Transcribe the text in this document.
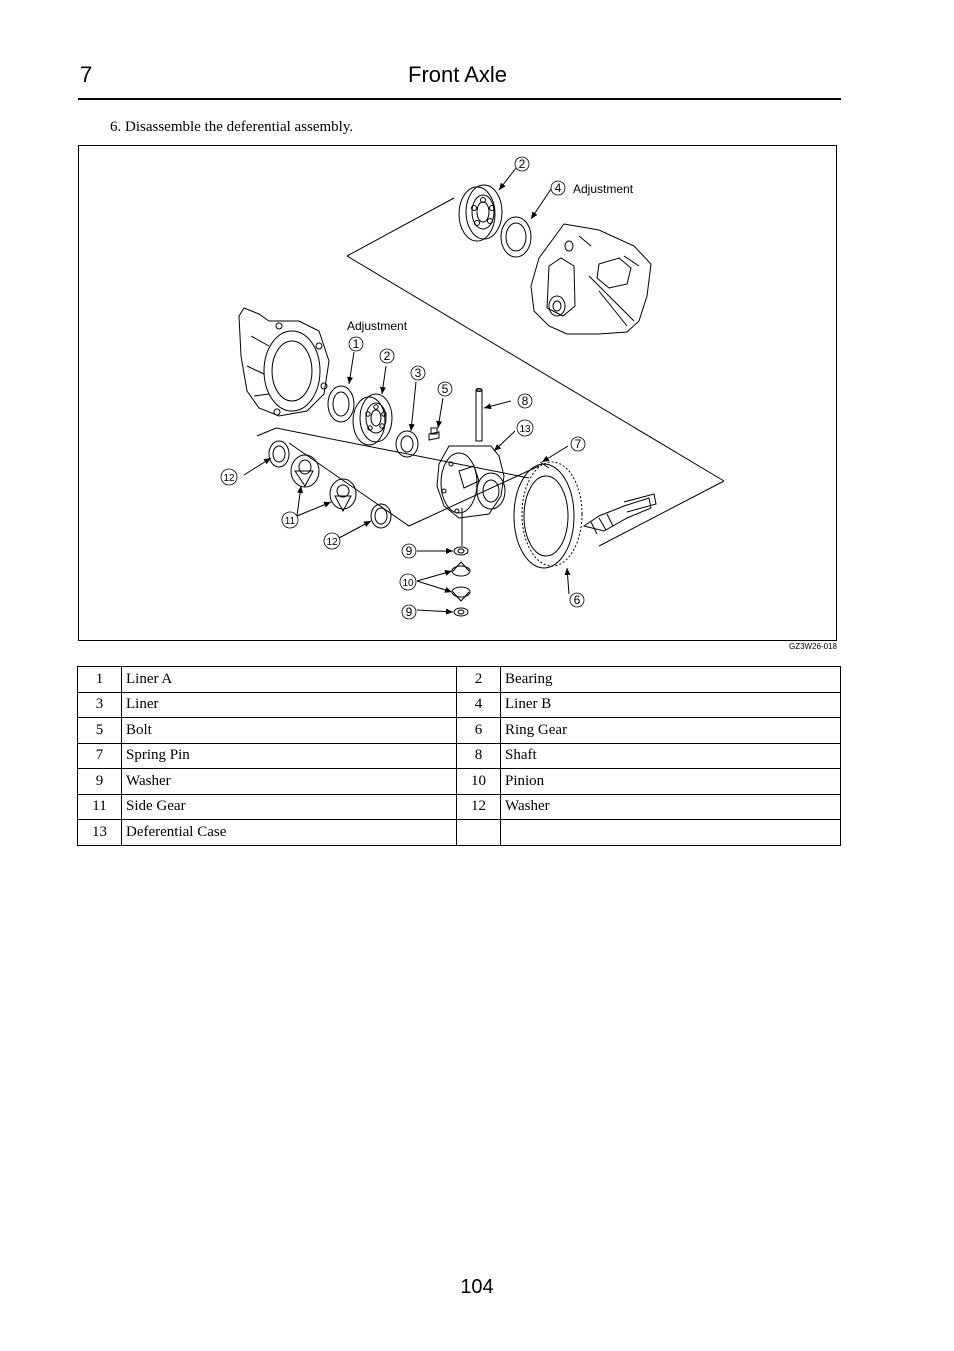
7	Front Axle
6. Disassemble the deferential assembly.
2
4
1
2
3
5
8
13
7
12
11
12
9
10
9
6
Adjustment
Adjustment
GZ3W26-018
1	Liner A	2	Bearing
3	Liner	4	Liner B
5	Bolt	6	Ring Gear
7	Spring Pin	8	Shaft
9	Washer	10	Pinion
11	Side Gear	12	Washer
13	Deferential Case		
104
